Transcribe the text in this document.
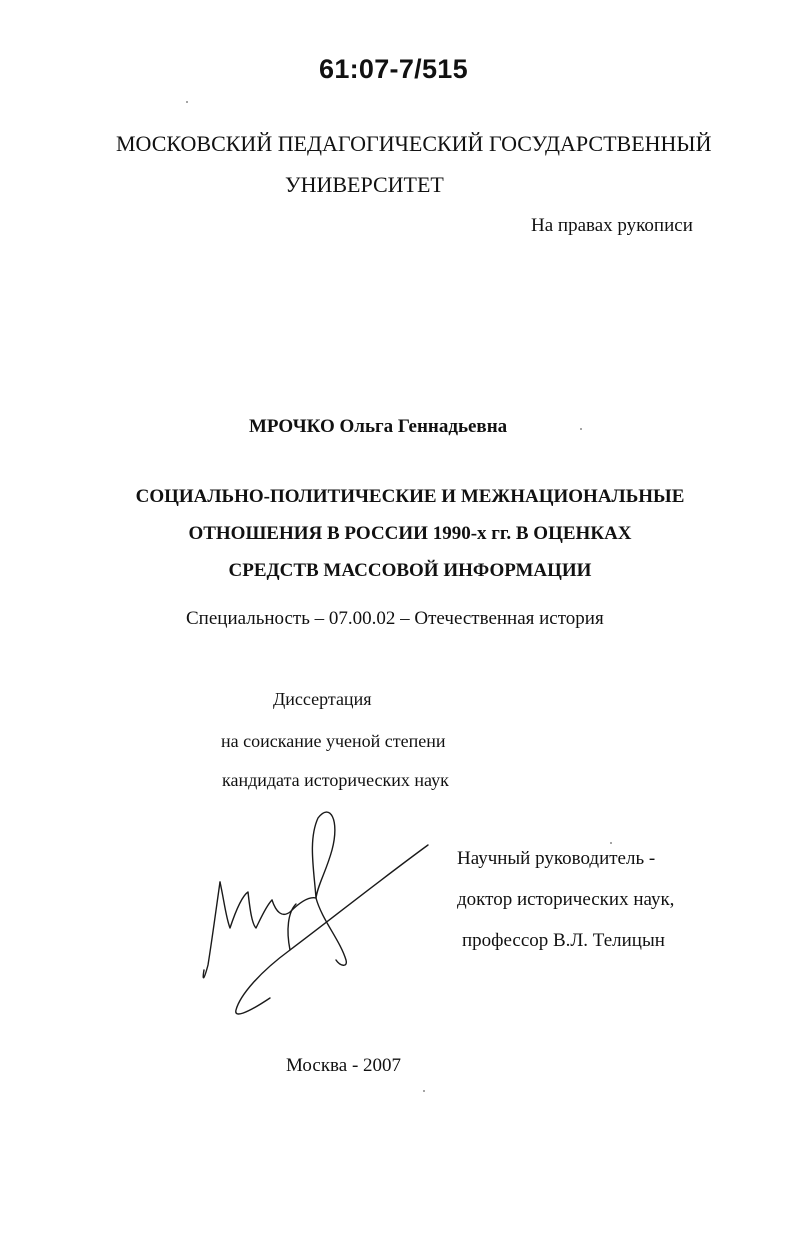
61:07-7/515
МОСКОВСКИЙ ПЕДАГОГИЧЕСКИЙ ГОСУДАРСТВЕННЫЙ
УНИВЕРСИТЕТ
На правах рукописи
МРОЧКО Ольга Геннадьевна
СОЦИАЛЬНО-ПОЛИТИЧЕСКИЕ И МЕЖНАЦИОНАЛЬНЫЕ
ОТНОШЕНИЯ В РОССИИ 1990-х гг. В ОЦЕНКАХ
СРЕДСТВ МАССОВОЙ ИНФОРМАЦИИ
Специальность – 07.00.02 – Отечественная история
Диссертация
на соискание ученой степени
кандидата исторических наук
Научный руководитель -
доктор исторических наук,
профессор В.Л. Телицын
Москва - 2007
